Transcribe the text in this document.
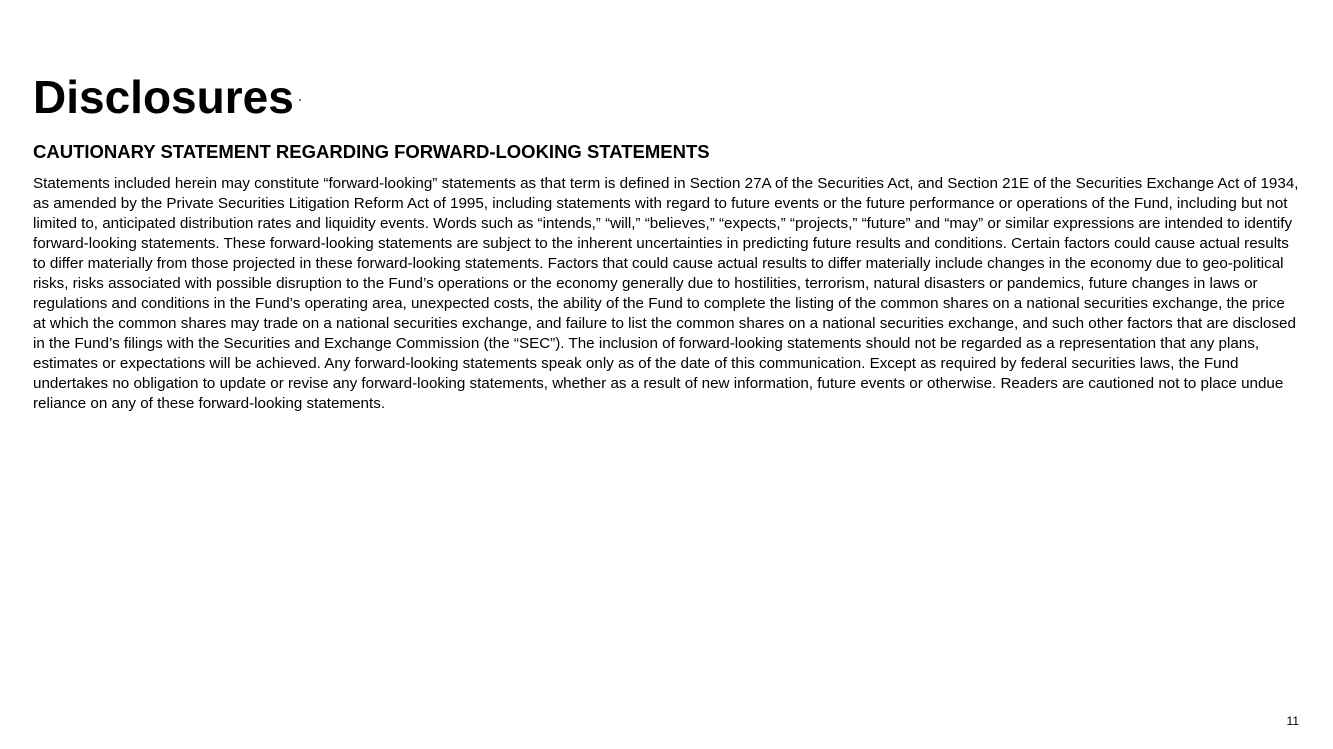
Disclosures
CAUTIONARY STATEMENT REGARDING FORWARD-LOOKING STATEMENTS

Statements included herein may constitute “forward-looking” statements as that term is defined in Section 27A of the Securities Act, and Section 21E of the Securities Exchange Act of 1934, as amended by the Private Securities Litigation Reform Act of 1995, including statements with regard to future events or the future performance or operations of the Fund, including but not limited to, anticipated distribution rates and liquidity events. Words such as “intends,” “will,” “believes,” “expects,” “projects,” “future” and “may” or similar expressions are intended to identify forward-looking statements. These forward-looking statements are subject to the inherent uncertainties in predicting future results and conditions. Certain factors could cause actual results to differ materially from those projected in these forward-looking statements. Factors that could cause actual results to differ materially include changes in the economy due to geo-political risks, risks associated with possible disruption to the Fund’s operations or the economy generally due to hostilities, terrorism, natural disasters or pandemics, future changes in laws or regulations and conditions in the Fund’s operating area, unexpected costs, the ability of the Fund to complete the listing of the common shares on a national securities exchange, the price at which the common shares may trade on a national securities exchange, and failure to list the common shares on a national securities exchange, and such other factors that are disclosed in the Fund’s filings with the Securities and Exchange Commission (the “SEC”). The inclusion of forward-looking statements should not be regarded as a representation that any plans, estimates or expectations will be achieved. Any forward-looking statements speak only as of the date of this communication. Except as required by federal securities laws, the Fund undertakes no obligation to update or revise any forward-looking statements, whether as a result of new information, future events or otherwise. Readers are cautioned not to place undue reliance on any of these forward-looking statements.

11
